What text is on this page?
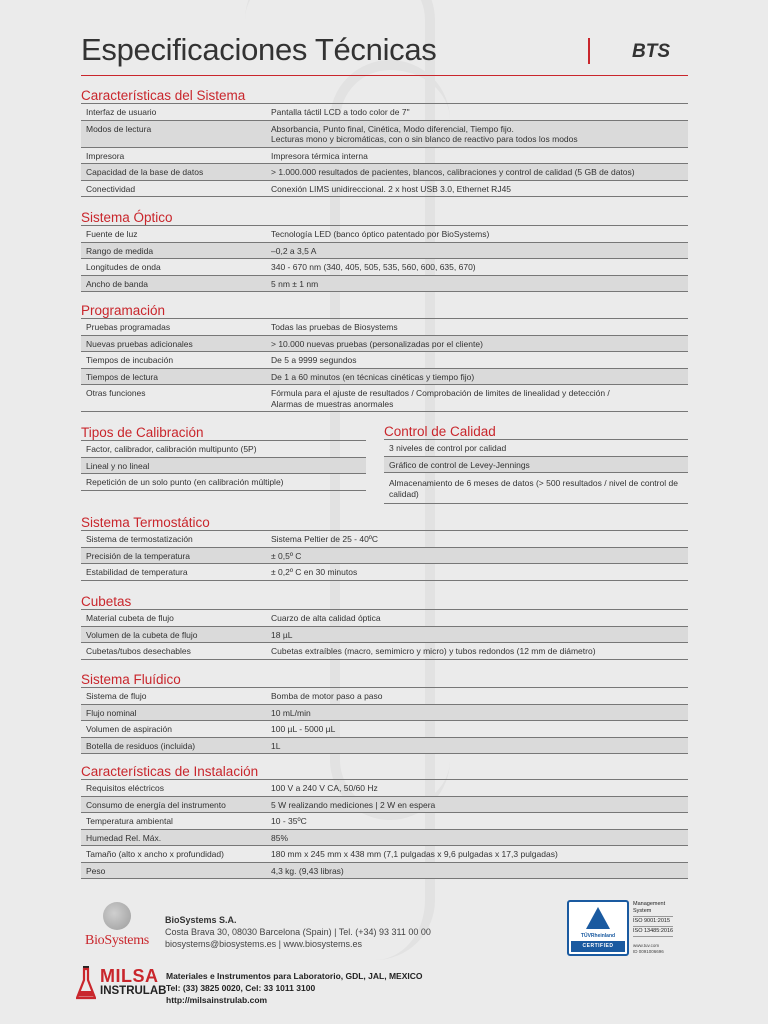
Especificaciones Técnicas	BTS
Características del Sistema
Interfaz de usuario	Pantalla táctil LCD a todo color de 7"
Modos de lectura	Absorbancia, Punto final, Cinética, Modo diferencial, Tiempo fijo.
Lecturas mono y bicromáticas, con o sin blanco de reactivo para todos los modos
Impresora	Impresora térmica interna
Capacidad de la base de datos	> 1.000.000 resultados de pacientes, blancos, calibraciones y control de calidad (5 GB de datos)
Conectividad	Conexión LIMS unidireccional. 2 x host USB 3.0, Ethernet RJ45
Sistema Óptico
Fuente de luz	Tecnología LED (banco óptico patentado por BioSystems)
Rango de medida	–0,2 a 3,5 A
Longitudes de onda	340 - 670 nm (340, 405, 505, 535, 560, 600, 635, 670)
Ancho de banda	5 nm ± 1 nm
Programación
Pruebas programadas	Todas las pruebas de Biosystems
Nuevas pruebas adicionales	> 10.000 nuevas pruebas (personalizadas por el cliente)
Tiempos de incubación	De 5 a 9999 segundos
Tiempos de lectura	De 1 a 60 minutos (en técnicas cinéticas y tiempo fijo)
Otras funciones	Fórmula para el ajuste de resultados / Comprobación de limites de linealidad y detección /
Alarmas de muestras anormales
Tipos de Calibración
Factor, calibrador, calibración multipunto (5P)
Lineal y no lineal
Repetición de un solo punto (en calibración múltiple)
Control de Calidad
3 niveles de control por calidad
Gráfico de control de Levey-Jennings
Almacenamiento de 6 meses de datos (> 500 resultados / nivel de control de calidad)
Sistema Termostático
Sistema de termostatización	Sistema Peltier de 25 - 40ºC
Precisión de la temperatura	± 0,5º C
Estabilidad de temperatura	± 0,2º C en 30 minutos
Cubetas
Material cubeta de flujo	Cuarzo de alta calidad óptica
Volumen de la cubeta de flujo	18 µL
Cubetas/tubos desechables	Cubetas extraíbles (macro, semimicro y micro) y tubos redondos (12 mm de diámetro)
Sistema Fluídico
Sistema de flujo	Bomba de motor paso a paso
Flujo nominal	10 mL/min
Volumen de aspiración	100 µL - 5000 µL
Botella de residuos (incluida)	1L
Características de Instalación
Requisitos eléctricos	100 V a 240 V CA, 50/60 Hz
Consumo de energía del instrumento	5 W realizando mediciones | 2 W en espera
Temperatura ambiental	10 - 35ºC
Humedad Rel. Máx.	85%
Tamaño (alto x ancho x profundidad)	180 mm x 245 mm x 438 mm (7,1 pulgadas x 9,6 pulgadas x 17,3 pulgadas)
Peso	4,3 kg. (9,43 libras)
BioSystems
BioSystems S.A.
Costa Brava 30, 08030 Barcelona (Spain) | Tel. (+34) 93 311 00 00
biosystems@biosystems.es | www.biosystems.es
MILSA
INSTRULAB
Materiales e Instrumentos para Laboratorio, GDL, JAL, MEXICO
Tel: (33) 3825 0020, Cel: 33 1011 3100
http://milsainstrulab.com
TÜVRheinland
CERTIFIED
Management
System
ISO 9001:2015
ISO 13485:2016
www.tuv.com
ID 0091006696
